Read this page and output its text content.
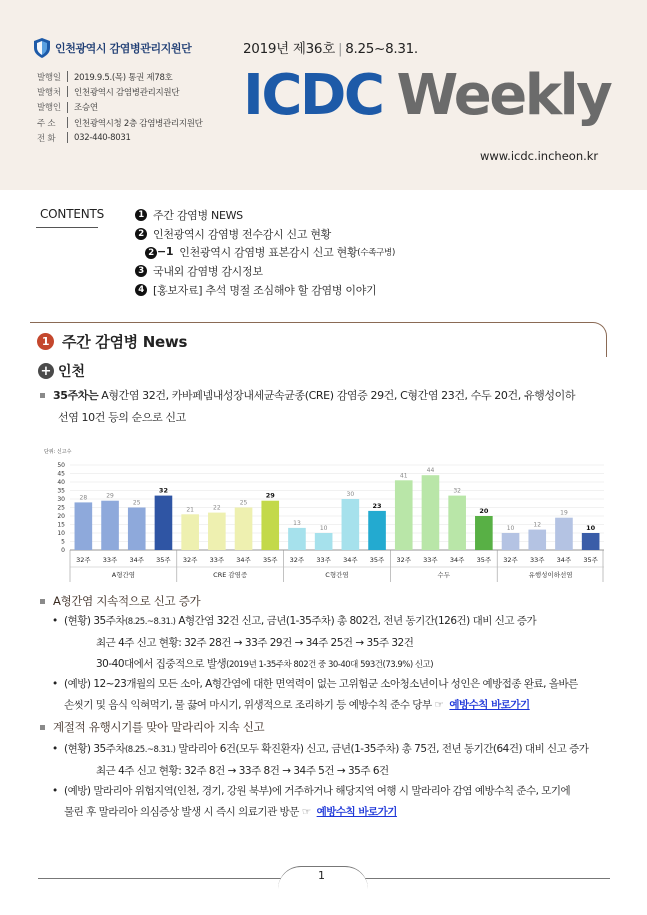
인천광역시 감염병관리지원단	2019년 제36호 | 8.25~8.31.
발행일	2019.9.5.(목) 통권 제78호
발행처	인천광역시 감염병관리지원단
발행인	조승연
주 소	인천광역시청 2층 감염병관리지원단
전 화	032-440-8031
ICDC Weekly
www.icdc.incheon.kr
CONTENTS	1 주간 감염병 NEWS
2 인천광역시 감염병 전수감시 신고 현황
2 −1 인천광역시 감염병 표본감시 신고 현황 (수족구병)
3 국내외 감염병 감시정보
4 [홍보자료] 추석 명절 조심해야 할 감염병 이야기
1 주간 감염병 News
+ 인천
35주차는 A형간염 32건, 카바페넴내성장내세균속균종(CRE) 감염증 29건, C형간염 23건, 수두 20건, 유행성이하
선염 10건 등의 순으로 신고
단위: 신고수
0
5
10
15
20
25
30
35
40
45
50
28
32주
29
33주
25
34주
32
35주
A형간염
21
32주
22
33주
25
34주
29
35주
CRE 감염증
13
32주
10
33주
30
34주
23
35주
C형간염
41
32주
44
33주
32
34주
20
35주
수두
10
32주
12
33주
19
34주
10
35주
유행성이하선염
A형간염 지속적으로 신고 증가
• (현황) 35주차(8.25.~8.31.) A형간염 32건 신고, 금년(1-35주차) 총 802건, 전년 동기간(126건) 대비 신고 증가
최근 4주 신고 현황: 32주 28건 → 33주 29건 → 34주 25건 → 35주 32건
30-40대에서 집중적으로 발생(2019년 1-35주차 802건 중 30-40대 593건(73.9%) 신고)
• (예방) 12~23개월의 모든 소아, A형간염에 대한 면역력이 없는 고위험군 소아청소년이나 성인은 예방접종 완료, 올바른
손씻기 및 음식 익혀먹기, 물 끓여 마시기, 위생적으로 조리하기 등 예방수칙 준수 당부 ☞ 예방수칙 바로가기
계절적 유행시기를 맞아 말라리아 지속 신고
• (현황) 35주차(8.25.~8.31.) 말라리아 6건(모두 확진환자) 신고, 금년(1-35주차) 총 75건, 전년 동기간(64건) 대비 신고 증가
최근 4주 신고 현황: 32주 8건 → 33주 8건 → 34주 5건 → 35주 6건
• (예방) 말라리아 위험지역(인천, 경기, 강원 북부)에 거주하거나 해당지역 여행 시 말라리아 감염 예방수칙 준수, 모기에
물린 후 말라리아 의심증상 발생 시 즉시 의료기관 방문 ☞ 예방수칙 바로가기
1
